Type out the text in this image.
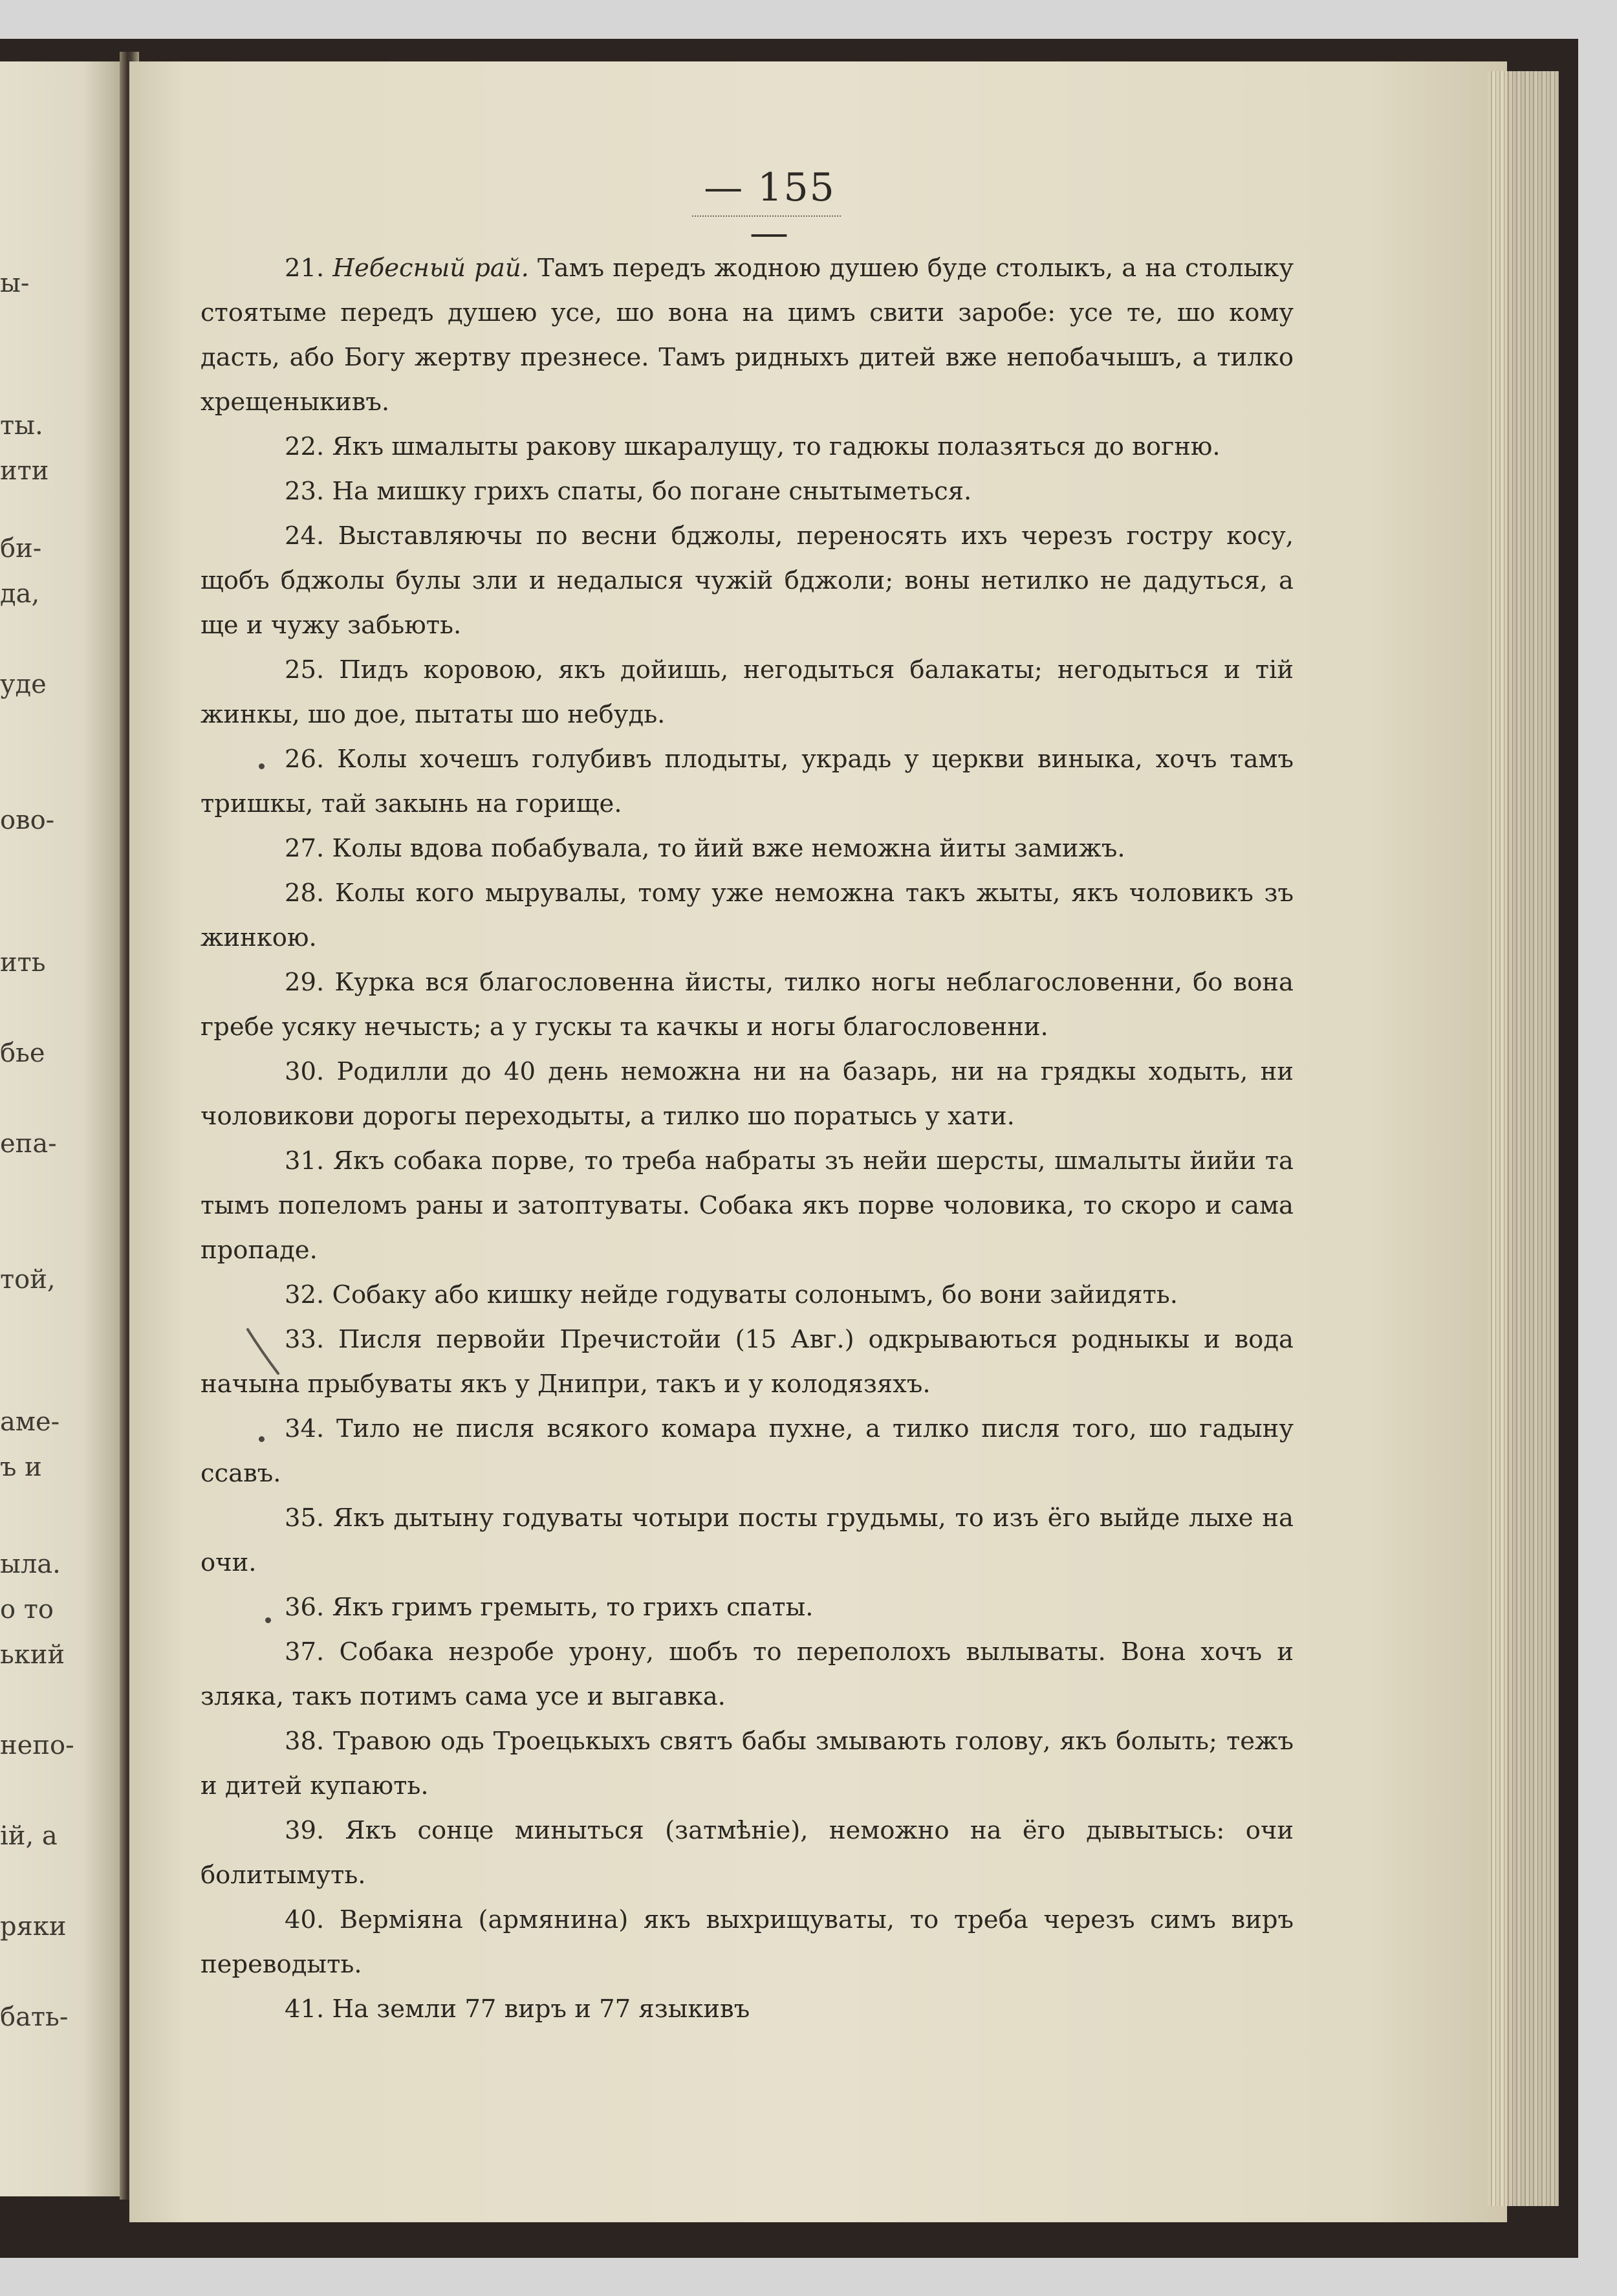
ы-
ты.
ити
би-
да,
уде
ово-
ить
бье
епа-
той,
аме-
ъ и
ыла.
о то
ький
непо-
ій, а
ряки
бать-
— 155 —

21. Небесный рай. Тамъ передъ жодною душею буде столыкъ, а на столыку стоятыме передъ душею усе, шо вона на цимъ свити заробе: усе те, шо кому дасть, або Богу жертву презнесе. Тамъ ридныхъ дитей вже непобачышъ, а тилко хрещеныкивъ.

22. Якъ шмалыты ракову шкаралущу, то гадюкы полазяться до вогню.

23. На мишку грихъ спаты, бо погане снытыметься.

24. Выставляючы по весни бджолы, переносять ихъ черезъ гостру косу, щобъ бджолы булы зли и недалыся чужій бджоли; воны нетилко не дадуться, а ще и чужу забьють.

25. Пидъ коровою, якъ дойишь, негодыться балакаты; негодыться и тій жинкы, шо дое, пытаты шо небудь.

26. Колы хочешъ голубивъ плодыты, украдь у церкви виныка, хочъ тамъ тришкы, тай закынь на горище.

27. Колы вдова побабувала, то йий вже неможна йиты замижъ.

28. Колы кого мырувалы, тому уже неможна такъ жыты, якъ чоловикъ зъ жинкою.

29. Курка вся благословенна йисты, тилко ногы неблагословенни, бо вона гребе усяку нечысть; а у гускы та качкы и ногы благословенни.

30. Родилли до 40 день неможна ни на базарь, ни на грядкы ходыть, ни чоловикови дорогы переходыты, а тилко шо поратысь у хати.

31. Якъ собака порве, то треба набраты зъ нейи шерсты, шмалыты йийи та тымъ попеломъ раны и затоптуваты. Собака якъ порве чоловика, то скоро и сама пропаде.

32. Собаку або кишку нейде годуваты солонымъ, бо вони зайидять.

33. Писля первойи Пречистойи (15 Авг.) одкрываються родныкы и вода начына прыбуваты якъ у Днипри, такъ и у колодязяхъ.

34. Тило не писля всякого комара пухне, а тилко писля того, шо гадыну ссавъ.

35. Якъ дытыну годуваты чотыри посты грудьмы, то изъ ёго выйде лыхе на очи.

36. Якъ гримъ гремыть, то грихъ спаты.

37. Собака незробе урону, шобъ то переполохъ вылываты. Вона хочъ и зляка, такъ потимъ сама усе и выгавка.

38. Травою одь Троецькыхъ святъ бабы змывають голову, якъ болыть; тежъ и дитей купають.

39. Якъ сонце миныться (затмѣніе), неможно на ёго дывытысь: очи болитымуть.

40. Верміяна (армянина) якъ выхрищуваты, то треба черезъ симъ виръ переводыть.

41. На земли 77 виръ и 77 языкивъ
